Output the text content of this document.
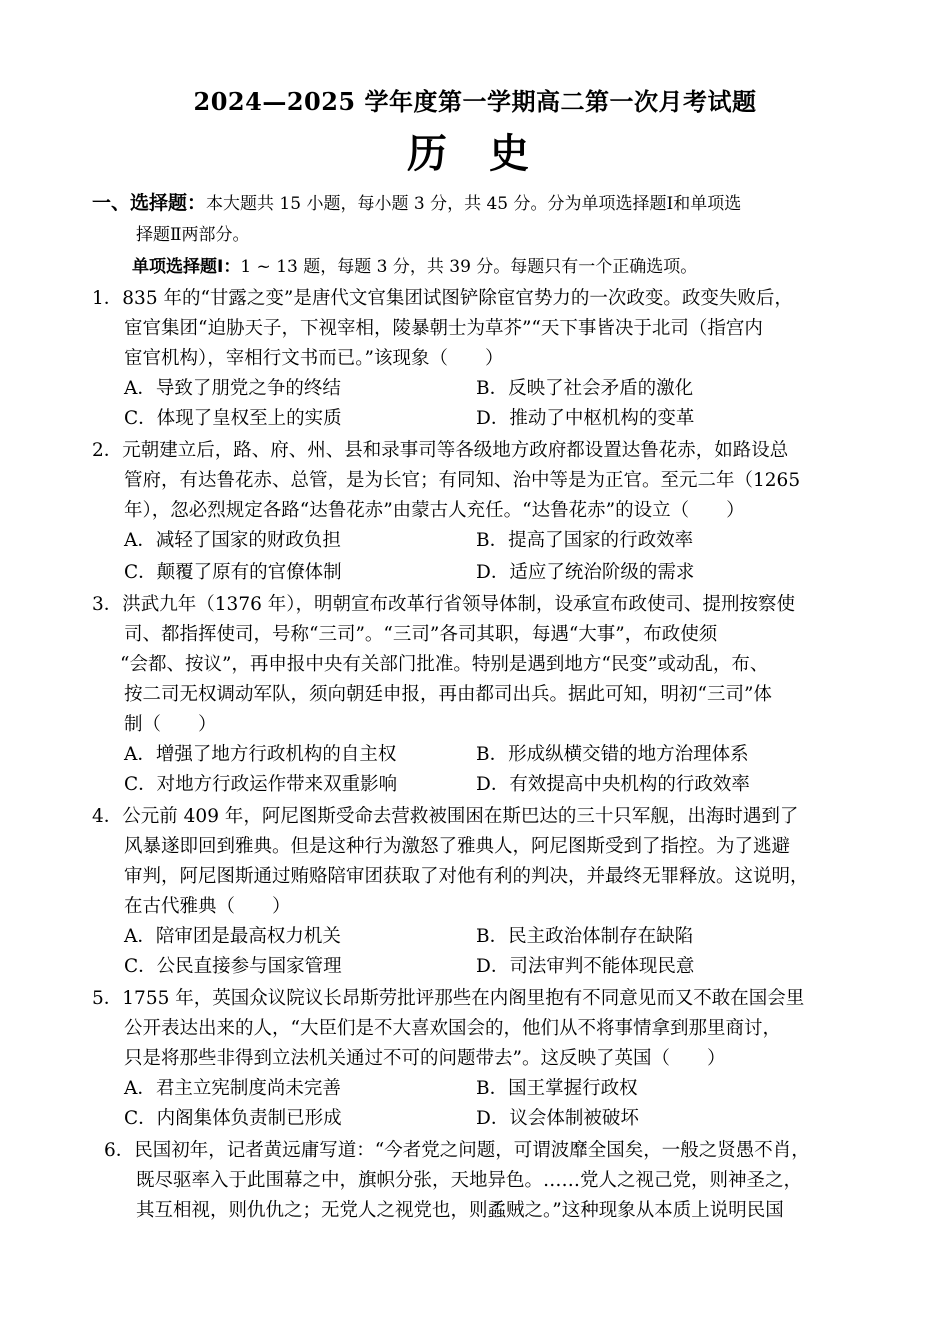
2024—2025 学年度第一学期高二第一次月考试题
历 史
一、选择题：本大题共 15 小题，每小题 3 分，共 45 分。分为单项选择题Ⅰ和单项选
择题Ⅱ两部分。
单项选择题Ⅰ：1 ~ 13 题，每题 3 分，共 39 分。每题只有一个正确选项。
1．835 年的“甘露之变”是唐代文官集团试图铲除宦官势力的一次政变。政变失败后，
宦官集团“迫胁天子，下视宰相，陵暴朝士为草芥”“天下事皆决于北司（指宫内
宦官机构），宰相行文书而已。”该现象（　　）
A．导致了朋党之争的终结	B．反映了社会矛盾的激化
C．体现了皇权至上的实质	D．推动了中枢机构的变革
2．元朝建立后，路、府、州、县和录事司等各级地方政府都设置达鲁花赤，如路设总
管府，有达鲁花赤、总管，是为长官；有同知、治中等是为正官。至元二年（1265
年），忽必烈规定各路“达鲁花赤”由蒙古人充任。“达鲁花赤”的设立（　　）
A．减轻了国家的财政负担	B．提高了国家的行政效率
C．颠覆了原有的官僚体制	D．适应了统治阶级的需求
3．洪武九年（1376 年），明朝宣布改革行省领导体制，设承宣布政使司、提刑按察使
司、都指挥使司，号称“三司”。“三司”各司其职，每遇“大事”，布政使须
“会都、按议”，再申报中央有关部门批准。特别是遇到地方“民变”或动乱，布、
按二司无权调动军队，须向朝廷申报，再由都司出兵。据此可知，明初“三司”体
制（　　）
A．增强了地方行政机构的自主权	B．形成纵横交错的地方治理体系
C．对地方行政运作带来双重影响	D．有效提高中央机构的行政效率
4．公元前 409 年，阿尼图斯受命去营救被围困在斯巴达的三十只军舰，出海时遇到了
风暴遂即回到雅典。但是这种行为激怒了雅典人，阿尼图斯受到了指控。为了逃避
审判，阿尼图斯通过贿赂陪审团获取了对他有利的判决，并最终无罪释放。这说明，
在古代雅典（　　）
A．陪审团是最高权力机关	B．民主政治体制存在缺陷
C．公民直接参与国家管理	D．司法审判不能体现民意
5．1755 年，英国众议院议长昂斯劳批评那些在内阁里抱有不同意见而又不敢在国会里
公开表达出来的人，“大臣们是不大喜欢国会的，他们从不将事情拿到那里商讨，
只是将那些非得到立法机关通过不可的问题带去”。这反映了英国（　　）
A．君主立宪制度尚未完善	B．国王掌握行政权
C．内阁集体负责制已形成	D．议会体制被破坏
6．民国初年，记者黄远庸写道：“今者党之问题，可谓波靡全国矣，一般之贤愚不肖，
既尽驱率入于此围幕之中，旗帜分张，天地异色。……党人之视己党，则神圣之，
其互相视，则仇仇之；无党人之视党也，则蟊贼之。”这种现象从本质上说明民国
